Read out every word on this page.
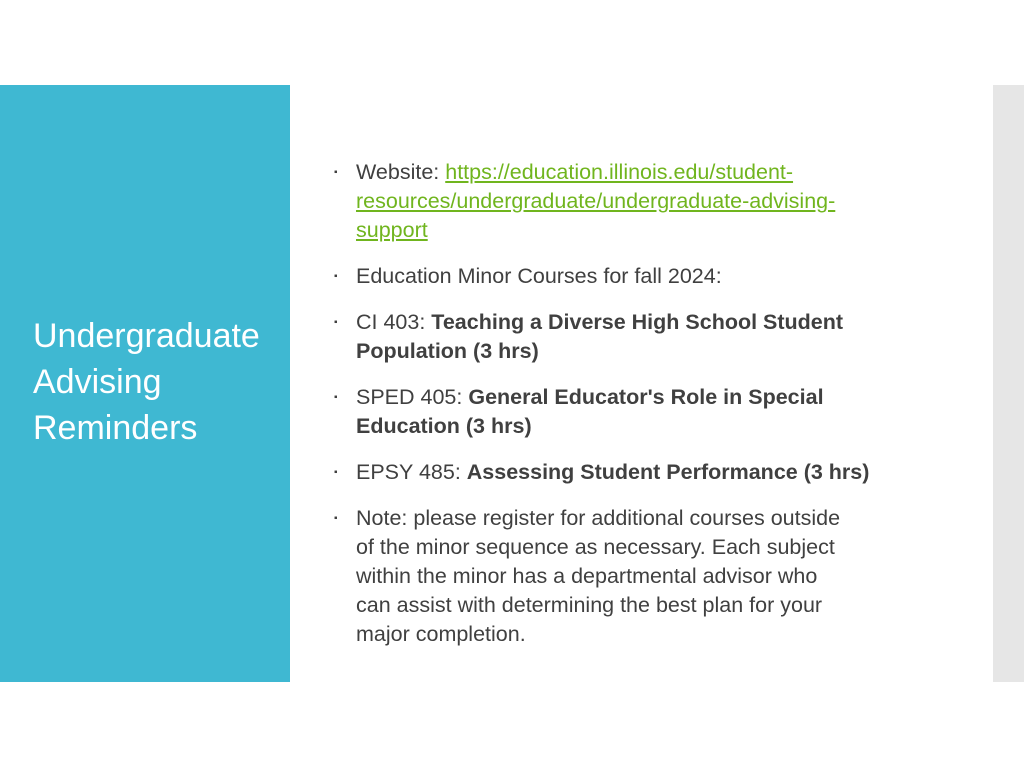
Undergraduate
Advising
Reminders
▪ Website: https://education.illinois.edu/student-
resources/undergraduate/undergraduate-advising-
support
▪ Education Minor Courses for fall 2024:
▪ CI 403: Teaching a Diverse High School Student
Population (3 hrs)
▪ SPED 405: General Educator's Role in Special
Education (3 hrs)
▪ EPSY 485: Assessing Student Performance (3 hrs)
▪ Note: please register for additional courses outside
of the minor sequence as necessary. Each subject
within the minor has a departmental advisor who
can assist with determining the best plan for your
major completion.
